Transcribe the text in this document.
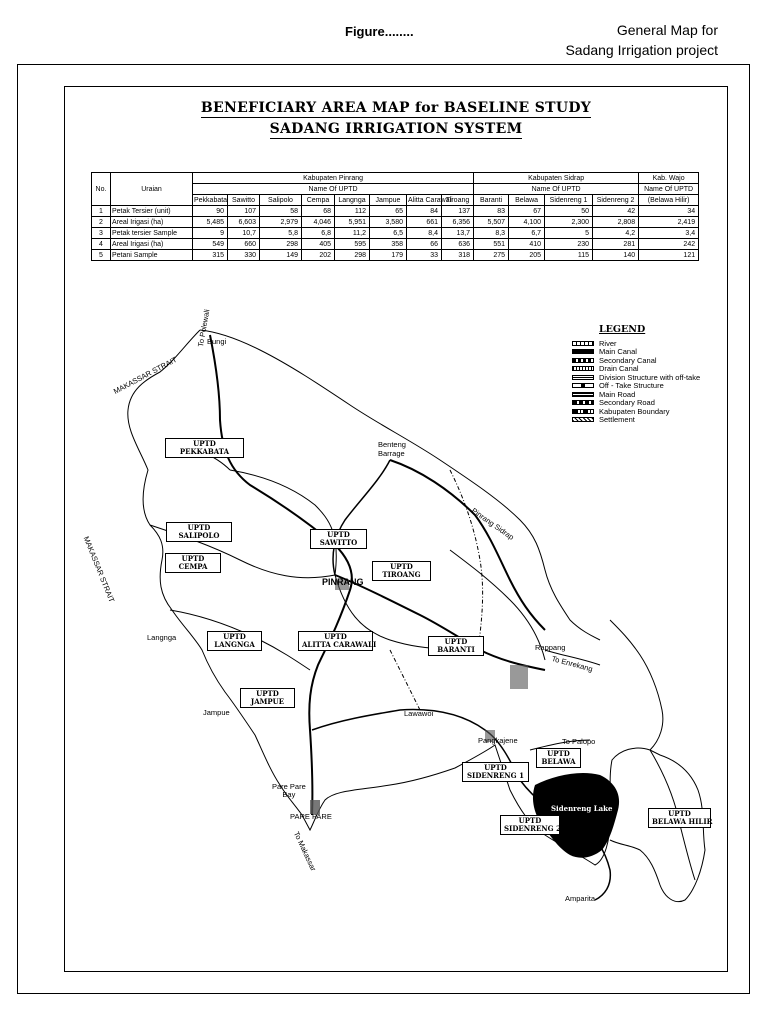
Figure........	General Map for
Sadang Irrigation project
BENEFICIARY AREA MAP for BASELINE STUDY
SADANG IRRIGATION SYSTEM
No.	Uraian	Kabupaten Pinrang								Kabupaten Sidrap				Kab. Wajo
		Name Of UPTD								Name Of UPTD				Name Of UPTD
		Pekkabata	Sawitto	Salipolo	Cempa	Langnga	Jampue	Alitta Carawali	Tiroang	Baranti	Belawa	Sidenreng 1	Sidenreng 2	(Belawa Hilir)
1	Petak Tersier (unit)	90	107	58	68	112	65	84	137	83	67	50	42	34
2	Areal Irigasi (ha)	5,485	6,603	2,979	4,046	5,951	3,580	661	6,356	5,507	4,100	2,300	2,808	2,419
3	Petak tersier Sample	9	10,7	5,8	6,8	11,2	6,5	8,4	13,7	8,3	6,7	5	4,2	3,4
4	Areal Irigasi (ha)	549	660	298	405	595	358	66	636	551	410	230	281	242
5	Petani Sample	315	330	149	202	298	179	33	318	275	205	115	140	121
Bungi
To Polewali
MAKASSAR STRAIT
MAKASSAR STRAIT
Benteng
Barrage
Pinrang Sidrap
PINRANG
Langnga
Rappang
To Enrekang
Jampue	Lawawoi
Pangkajene	To Palopo
Pare Pare
Bay
PARE PARE
To Makassar
Amparita
Sidenreng Lake
UPTD
PEKKABATA
UPTD
SALIPOLO
UPTD
CEMPA
UPTD
SAWITTO
UPTD
TIROANG
UPTD
LANGNGA
UPTD
ALITTA CARAWALI	UPTD
BARANTI
UPTD
JAMPUE
UPTD
BELAWA
UPTD
SIDENRENG 1
UPTD
SIDENRENG 2
UPTD
BELAWA HILIR
LEGEND
River
Main Canal
Secondary Canal
Drain Canal
Division Structure with off-take
Off - Take Structure
Main Road
Secondary Road
Kabupaten Boundary
Settlement
